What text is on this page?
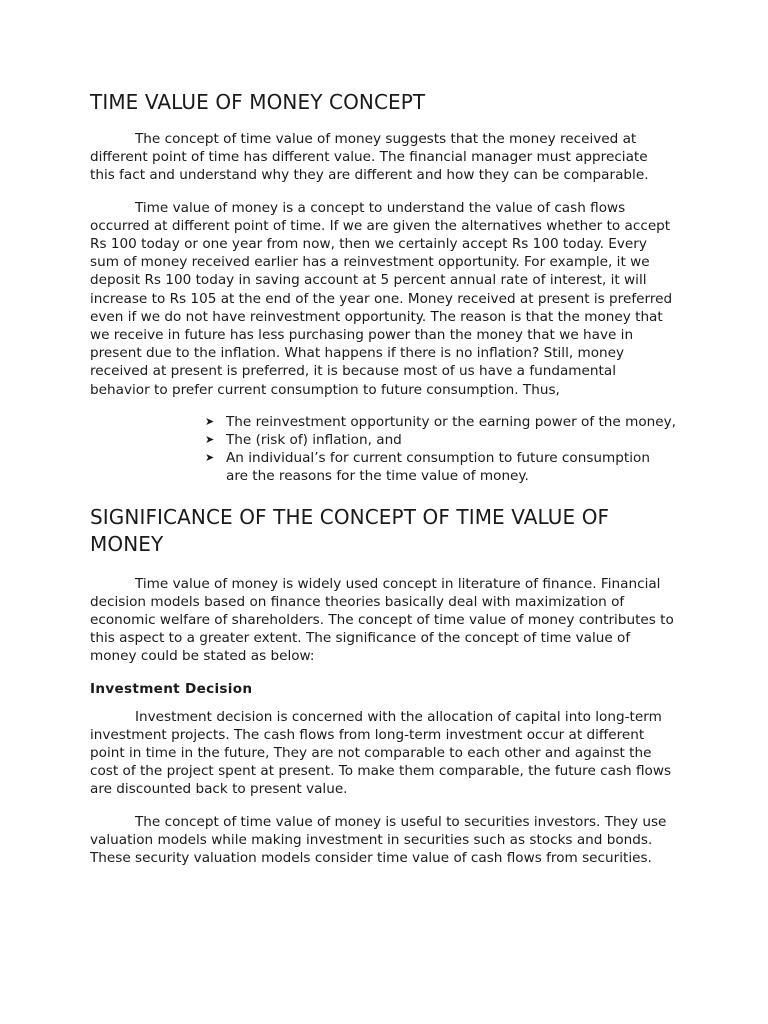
TIME VALUE OF MONEY CONCEPT

The concept of time value of money suggests that the money received at different point of time has different value. The financial manager must appreciate this fact and understand why they are different and how they can be comparable.

Time value of money is a concept to understand the value of cash flows occurred at different point of time. If we are given the alternatives whether to accept Rs 100 today or one year from now, then we certainly accept Rs 100 today. Every sum of money received earlier has a reinvestment opportunity. For example, it we deposit Rs 100 today in saving account at 5 percent annual rate of interest, it will increase to Rs 105 at the end of the year one. Money received at present is preferred even if we do not have reinvestment opportunity. The reason is that the money that we receive in future has less purchasing power than the money that we have in present due to the inflation. What happens if there is no inflation? Still, money received at present is preferred, it is because most of us have a fundamental behavior to prefer current consumption to future consumption. Thus,

➤ The reinvestment opportunity or the earning power of the money,
➤ The (risk of) inflation, and
➤ An individual’s for current consumption to future consumption are the reasons for the time value of money.
SIGNIFICANCE OF THE CONCEPT OF TIME VALUE OF MONEY

Time value of money is widely used concept in literature of finance. Financial decision models based on finance theories basically deal with maximization of economic welfare of shareholders. The concept of time value of money contributes to this aspect to a greater extent. The significance of the concept of time value of money could be stated as below:

Investment Decision

Investment decision is concerned with the allocation of capital into long-term investment projects. The cash flows from long-term investment occur at different point in time in the future, They are not comparable to each other and against the cost of the project spent at present. To make them comparable, the future cash flows are discounted back to present value.

The concept of time value of money is useful to securities investors. They use valuation models while making investment in securities such as stocks and bonds. These security valuation models consider time value of cash flows from securities.
